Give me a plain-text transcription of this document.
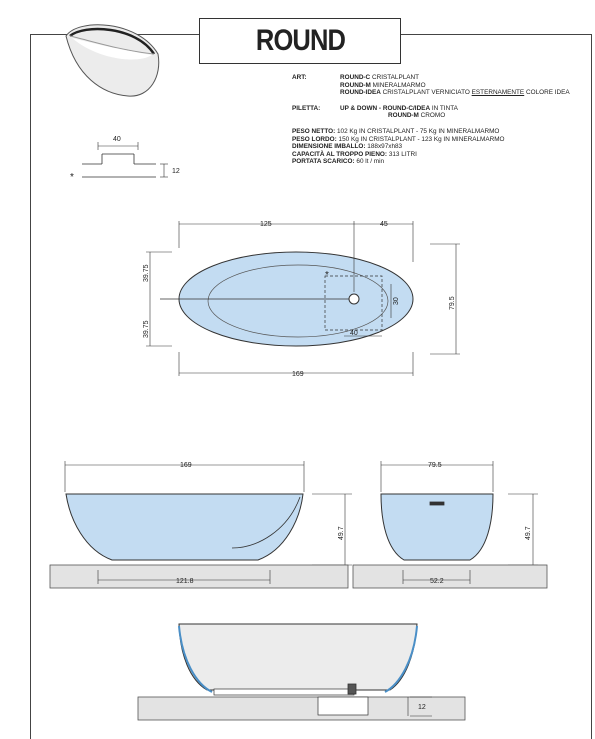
ROUND
ART:	ROUND-C CRISTALPLANT
ROUND-M MINERALMARMO
ROUND-IDEA CRISTALPLANT VERNICIATO ESTERNAMENTE COLORE IDEA
PILETTA:	UP & DOWN - ROUND-C/IDEA IN TINTA
ROUND-M CROMO
PESO NETTO: 102 Kg IN CRISTALPLANT - 75 Kg IN MINERALMARMO
PESO LORDO: 150 Kg IN CRISTALPLANT - 123 Kg IN MINERALMARMO
DIMENSIONE IMBALLO: 188x97xh83
CAPACITÀ AL TROPPO PIENO: 313 LITRI
PORTATA SCARICO: 60 lt / min
40
12
*
125	45
169
39.75
39.75
79.5
40
30
*
169
49.7
121.8
79.5
49.7
52.2
12
